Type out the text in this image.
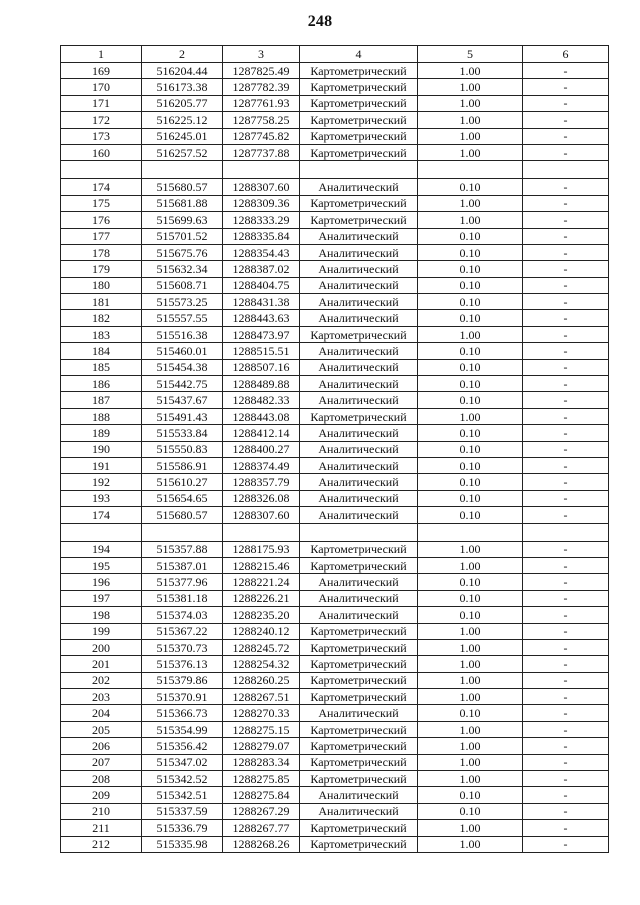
248
1	2	3	4	5	6
169	516204.44	1287825.49	Картометрический	1.00	-
170	516173.38	1287782.39	Картометрический	1.00	-
171	516205.77	1287761.93	Картометрический	1.00	-
172	516225.12	1287758.25	Картометрический	1.00	-
173	516245.01	1287745.82	Картометрический	1.00	-
160	516257.52	1287737.88	Картометрический	1.00	-

174	515680.57	1288307.60	Аналитический	0.10	-
175	515681.88	1288309.36	Картометрический	1.00	-
176	515699.63	1288333.29	Картометрический	1.00	-
177	515701.52	1288335.84	Аналитический	0.10	-
178	515675.76	1288354.43	Аналитический	0.10	-
179	515632.34	1288387.02	Аналитический	0.10	-
180	515608.71	1288404.75	Аналитический	0.10	-
181	515573.25	1288431.38	Аналитический	0.10	-
182	515557.55	1288443.63	Аналитический	0.10	-
183	515516.38	1288473.97	Картометрический	1.00	-
184	515460.01	1288515.51	Аналитический	0.10	-
185	515454.38	1288507.16	Аналитический	0.10	-
186	515442.75	1288489.88	Аналитический	0.10	-
187	515437.67	1288482.33	Аналитический	0.10	-
188	515491.43	1288443.08	Картометрический	1.00	-
189	515533.84	1288412.14	Аналитический	0.10	-
190	515550.83	1288400.27	Аналитический	0.10	-
191	515586.91	1288374.49	Аналитический	0.10	-
192	515610.27	1288357.79	Аналитический	0.10	-
193	515654.65	1288326.08	Аналитический	0.10	-
174	515680.57	1288307.60	Аналитический	0.10	-

194	515357.88	1288175.93	Картометрический	1.00	-
195	515387.01	1288215.46	Картометрический	1.00	-
196	515377.96	1288221.24	Аналитический	0.10	-
197	515381.18	1288226.21	Аналитический	0.10	-
198	515374.03	1288235.20	Аналитический	0.10	-
199	515367.22	1288240.12	Картометрический	1.00	-
200	515370.73	1288245.72	Картометрический	1.00	-
201	515376.13	1288254.32	Картометрический	1.00	-
202	515379.86	1288260.25	Картометрический	1.00	-
203	515370.91	1288267.51	Картометрический	1.00	-
204	515366.73	1288270.33	Аналитический	0.10	-
205	515354.99	1288275.15	Картометрический	1.00	-
206	515356.42	1288279.07	Картометрический	1.00	-
207	515347.02	1288283.34	Картометрический	1.00	-
208	515342.52	1288275.85	Картометрический	1.00	-
209	515342.51	1288275.84	Аналитический	0.10	-
210	515337.59	1288267.29	Аналитический	0.10	-
211	515336.79	1288267.77	Картометрический	1.00	-
212	515335.98	1288268.26	Картометрический	1.00	-
